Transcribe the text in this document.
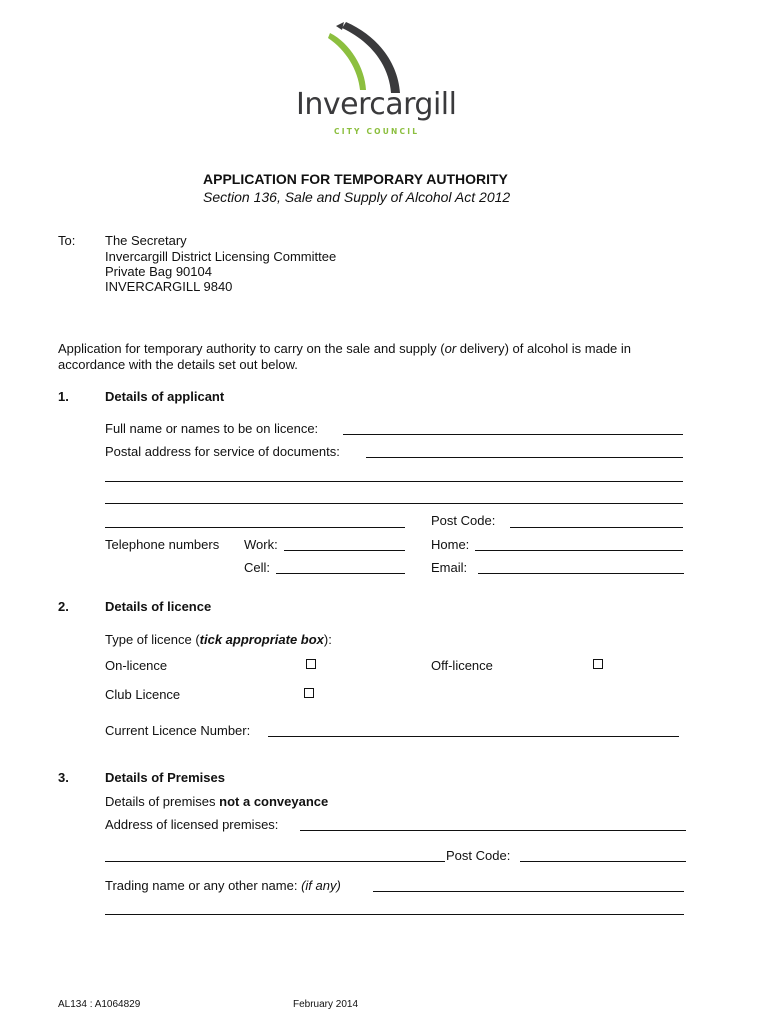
Invercargill
CITY COUNCIL
APPLICATION FOR TEMPORARY AUTHORITY
Section 136, Sale and Supply of Alcohol Act 2012
To: The Secretary
Invercargill District Licensing Committee
Private Bag 90104
INVERCARGILL 9840
Application for temporary authority to carry on the sale and supply (or delivery) of alcohol is made in
accordance with the details set out below.
1.	Details of applicant
Full name or names to be on licence:
Postal address for service of documents:
Post Code:
Telephone numbers Work:	Home:
Cell:	Email:
2.	Details of licence
Type of licence (tick appropriate box):
On-licence	Off-licence
Club Licence
Current Licence Number:
3.	Details of Premises
Details of premises not a conveyance
Address of licensed premises:
Post Code:
Trading name or any other name: (if any)
AL134 : A1064829	February 2014
